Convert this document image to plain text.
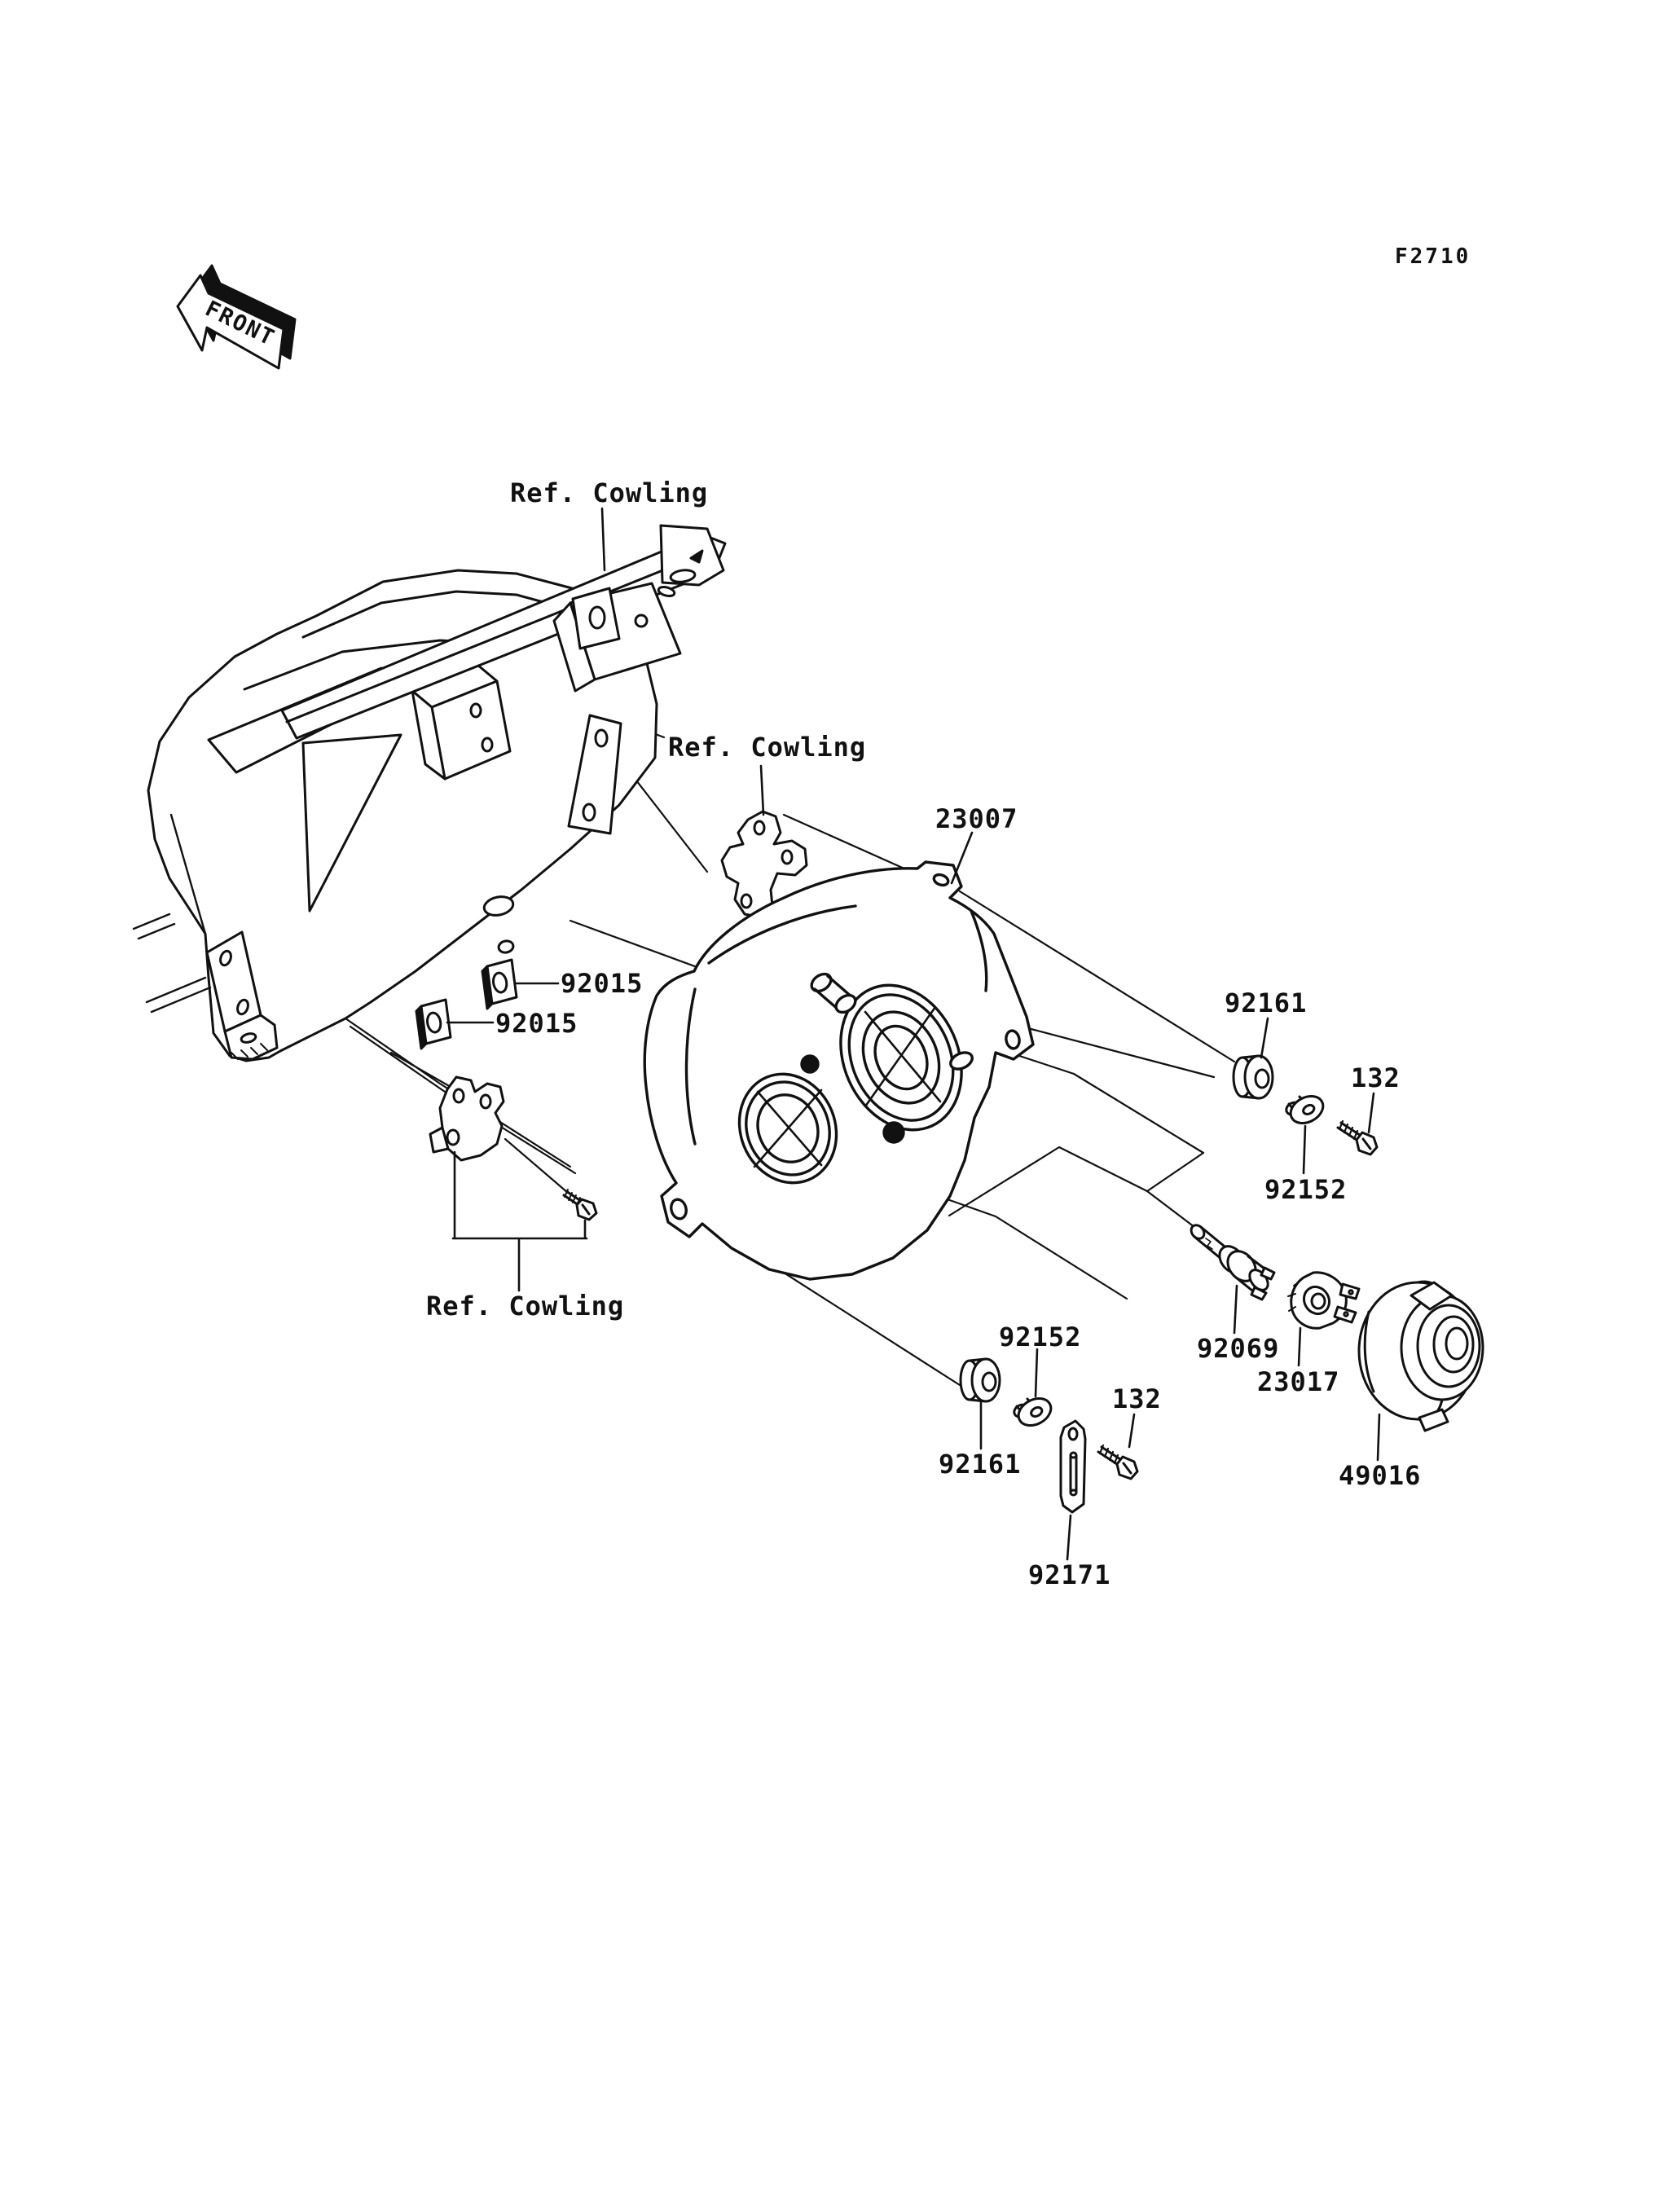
FRONT
F2710
Ref. Cowling
Ref. Cowling
Ref. Cowling
23007
92015
92015
92161
132
92152
92152
132
92161
92171
92069
23017
49016
